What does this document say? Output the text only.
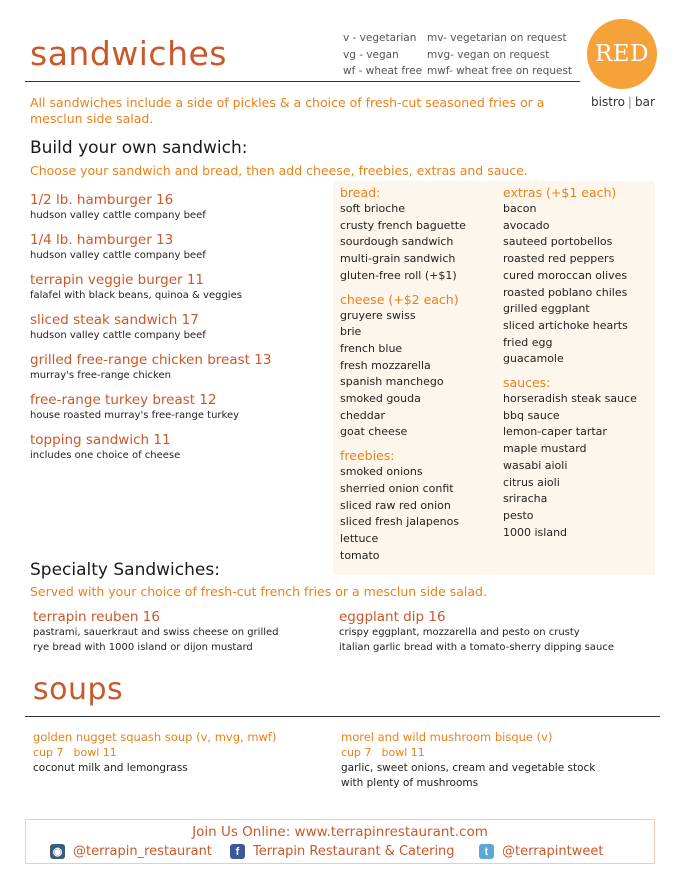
sandwiches	v - vegetarian	mv- vegetarian on request
vg - vegan	mvg- vegan on request
wf - wheat free mwf- wheat free on request
RED
bistro | bar
All sandwiches include a side of pickles & a choice of fresh-cut seasoned fries or a mesclun side salad.
Build your own sandwich:
Choose your sandwich and bread, then add cheese, freebies, extras and sauce.
1/2 lb. hamburger 16
hudson valley cattle company beef
1/4 lb. hamburger 13
hudson valley cattle company beef
terrapin veggie burger 11
falafel with black beans, quinoa & veggies
sliced steak sandwich 17
hudson valley cattle company beef
grilled free-range chicken breast 13
murray's free-range chicken
free-range turkey breast 12
house roasted murray's free-range turkey
topping sandwich 11
includes one choice of cheese
bread:
soft brioche
crusty french baguette
sourdough sandwich
multi-grain sandwich
gluten-free roll (+$1)
cheese (+$2 each)
gruyere swiss
brie
french blue
fresh mozzarella
spanish manchego
smoked gouda
cheddar
goat cheese
freebies:
smoked onions
sherried onion confit
sliced raw red onion
sliced fresh jalapenos
lettuce
tomato
extras (+$1 each)
bacon
avocado
sauteed portobellos
roasted red peppers
cured moroccan olives
roasted poblano chiles
grilled eggplant
sliced artichoke hearts
fried egg
guacamole
sauces:
horseradish steak sauce
bbq sauce
lemon-caper tartar
maple mustard
wasabi aioli
citrus aioli
sriracha
pesto
1000 island
Specialty Sandwiches:
Served with your choice of fresh-cut french fries or a mesclun side salad.
terrapin reuben 16
pastrami, sauerkraut and swiss cheese on grilled
rye bread with 1000 island or dijon mustard
eggplant dip 16
crispy eggplant, mozzarella and pesto on crusty
italian garlic bread with a tomato-sherry dipping sauce
soups
golden nugget squash soup (v, mvg, mwf)
cup 7 bowl 11
coconut milk and lemongrass
morel and wild mushroom bisque (v)
cup 7 bowl 11
garlic, sweet onions, cream and vegetable stock
with plenty of mushrooms
Join Us Online: www.terrapinrestaurant.com
◉ @terrapin_restaurant	f	Terrapin Restaurant & Catering	t	@terrapintweet
